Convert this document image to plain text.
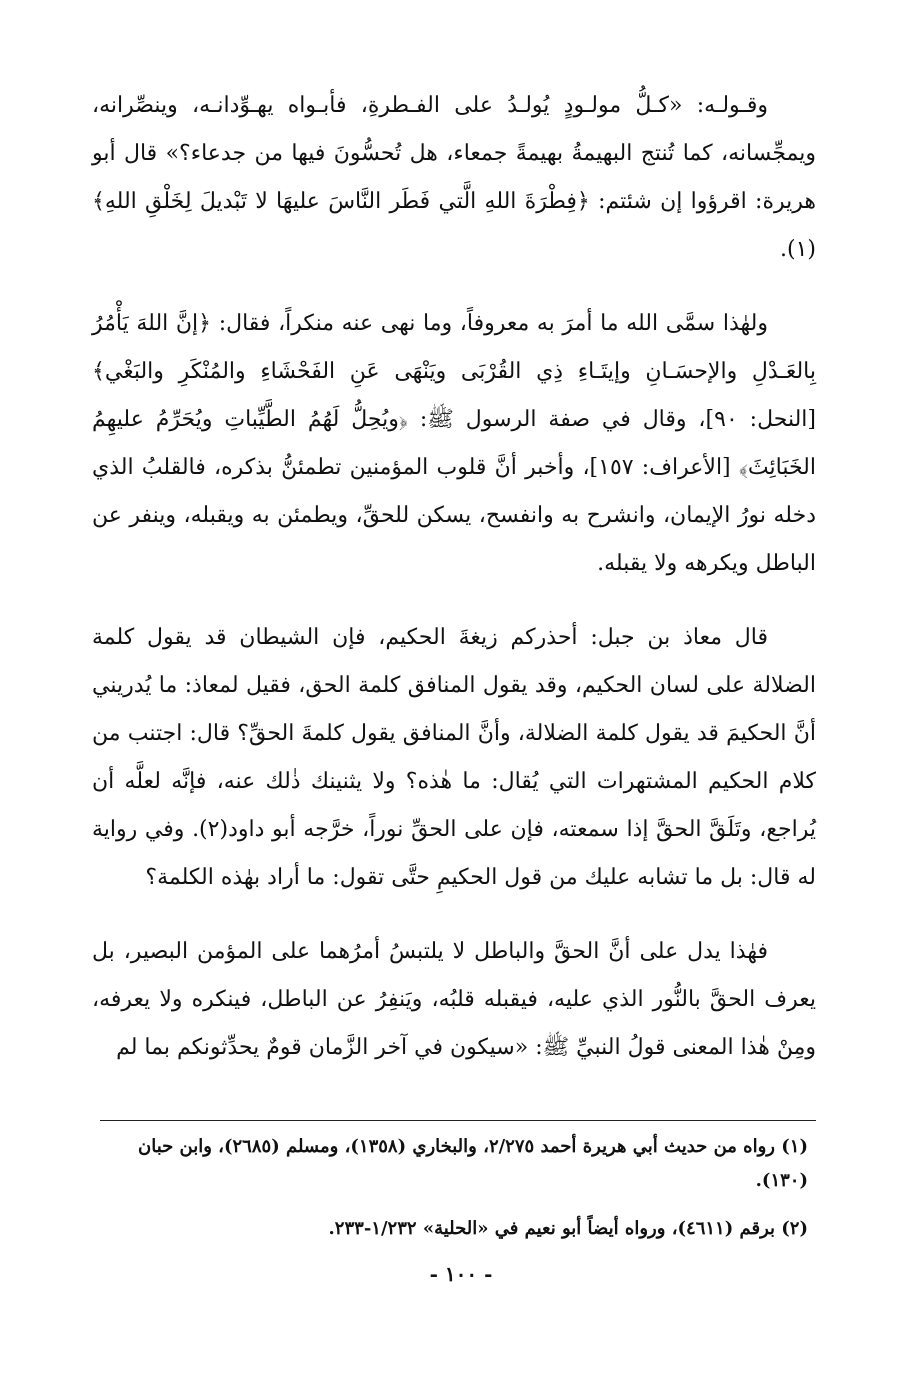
وقـولـه: «كـلُّ مولـودٍ يُولـدُ على الفـطرةِ، فأبـواه يهـوِّدانـه، وينصِّرانه، ويمجِّسانه، كما تُنتج البهيمةُ بهيمةً جمعاء، هل تُحسُّونَ فيها من جدعاء؟» قال أبو هريرة: اقرؤوا إن شئتم: ﴿فِطْرَةَ اللهِ الَّتي فَطَر النَّاسَ عليهَا لا تَبْديلَ لِخَلْقِ اللهِ﴾(١).

ولهٰذا سمَّى الله ما أمرَ به معروفاً، وما نهى عنه منكراً، فقال: ﴿إنَّ اللهَ يَأْمُرُ بِالعَـدْلِ والإحسَـانِ وإيتَـاءِ ذِي القُرْبَى ويَنْهَى عَنِ الفَحْشَاءِ والمُنْكَرِ والبَغْي﴾ [النحل: ٩٠]، وقال في صفة الرسول ﷺ: ﴿ويُحِلُّ لَهُمُ الطَّيِّباتِ ويُحَرِّمُ عليهِمُ الخَبَائِثَ﴾ [الأعراف: ١٥٧]، وأخبر أنَّ قلوب المؤمنين تطمئنُّ بذكره، فالقلبُ الذي دخله نورُ الإيمان، وانشرح به وانفسح، يسكن للحقِّ، ويطمئن به ويقبله، وينفر عن الباطل ويكرهه ولا يقبله.

قال معاذ بن جبل: أحذركم زيغةَ الحكيم، فإن الشيطان قد يقول كلمة الضلالة على لسان الحكيم، وقد يقول المنافق كلمة الحق، فقيل لمعاذ: ما يُدريني أنَّ الحكيمَ قد يقول كلمة الضلالة، وأنَّ المنافق يقول كلمةَ الحقِّ؟ قال: اجتنب من كلام الحكيم المشتهرات التي يُقال: ما هٰذه؟ ولا يثنينك ذٰلك عنه، فإنَّه لعلَّه أن يُراجع، وتَلَقَّ الحقَّ إذا سمعته، فإن على الحقِّ نوراً، خرَّجه أبو داود(٢). وفي رواية له قال: بل ما تشابه عليك من قول الحكيمِ حتَّى تقول: ما أراد بهٰذه الكلمة؟

فهٰذا يدل على أنَّ الحقَّ والباطل لا يلتبسُ أمرُهما على المؤمن البصير، بل يعرف الحقَّ بالنُّور الذي عليه، فيقبله قلبُه، ويَنفِرُ عن الباطل، فينكره ولا يعرفه، ومِنْ هٰذا المعنى قولُ النبيِّ ﷺ: «سيكون في آخر الزَّمان قومٌ يحدِّثونكم بما لم

(١) رواه من حديث أبي هريرة أحمد ٢/٢٧٥، والبخاري (١٣٥٨)، ومسلم (٢٦٨٥)، وابن حبان (١٣٠).

(٢) برقم (٤٦١١)، ورواه أيضاً أبو نعيم في «الحلية» ١/٢٣٢-٢٣٣.

- ١٠٠ -
